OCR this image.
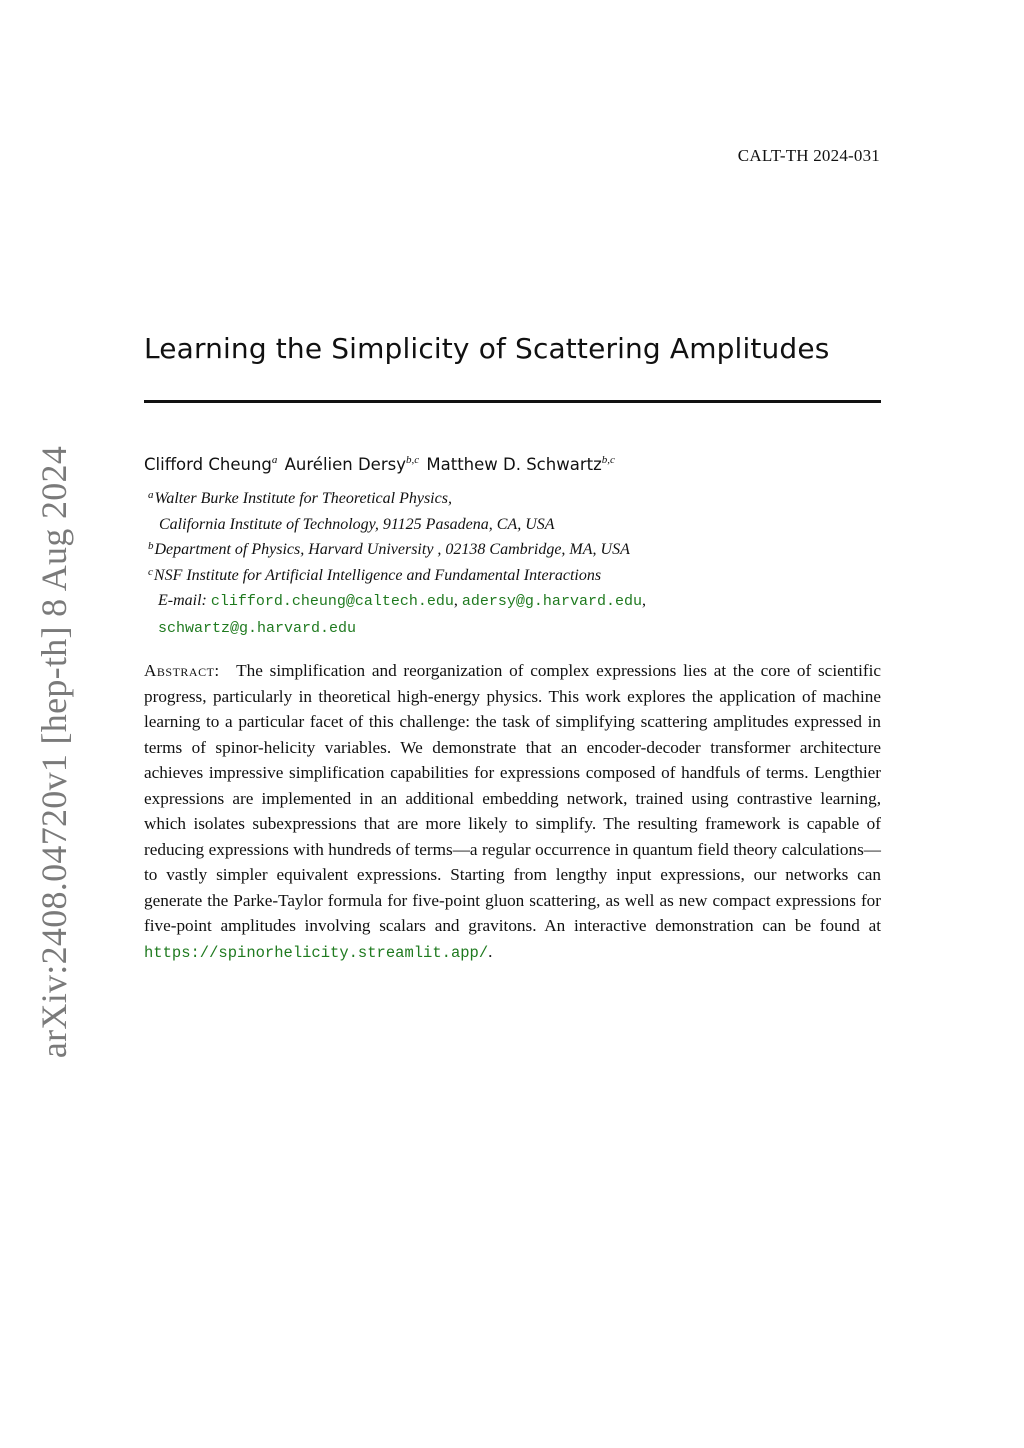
CALT-TH 2024-031
arXiv:2408.04720v1 [hep-th] 8 Aug 2024
Learning the Simplicity of Scattering Amplitudes
Clifford Cheung$^a$ Aurélien Dersy$^{b,c}$ Matthew D. Schwartz$^{b,c}$
$^a$Walter Burke Institute for Theoretical Physics,
California Institute of Technology, 91125 Pasadena, CA, USA
$^b$Department of Physics, Harvard University , 02138 Cambridge, MA, USA
$^c$NSF Institute for Artificial Intelligence and Fundamental Interactions
E-mail: clifford.cheung@caltech.edu, adersy@g.harvard.edu,
schwartz@g.harvard.edu
Abstract: The simplification and reorganization of complex expressions lies at the core of scientific progress, particularly in theoretical high-energy physics. This work explores the application of machine learning to a particular facet of this challenge: the task of simplifying scattering amplitudes expressed in terms of spinor-helicity variables. We demonstrate that an encoder-decoder transformer architecture achieves impressive simplification capabilities for expressions composed of handfuls of terms. Lengthier expressions are implemented in an additional embedding network, trained using contrastive learning, which isolates subexpressions that are more likely to simplify. The resulting framework is capable of reducing expressions with hundreds of terms—a regular occurrence in quantum field theory calculations—to vastly simpler equivalent expressions. Starting from lengthy input expressions, our networks can generate the Parke-Taylor formula for five-point gluon scattering, as well as new compact expressions for five-point amplitudes involving scalars and gravitons. An interactive demonstration can be found at https://spinorhelicity.streamlit.app/.
